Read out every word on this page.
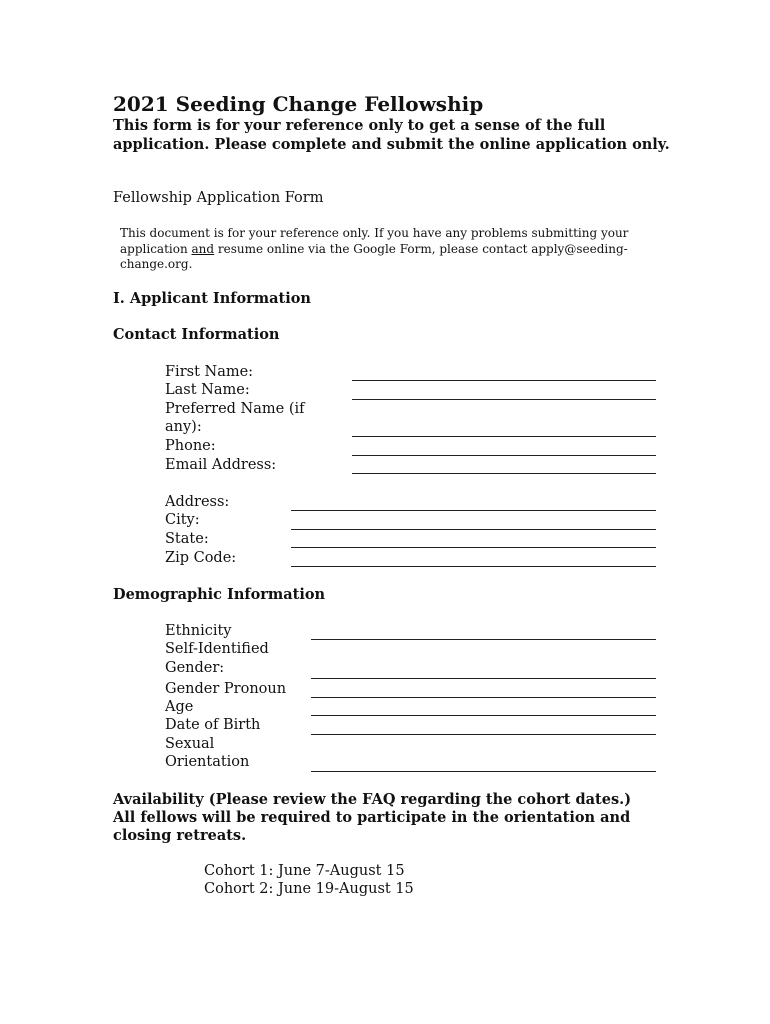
2021 Seeding Change Fellowship
This form is for your reference only to get a sense of the full application. Please complete and submit the online application only.
Fellowship Application Form
This document is for your reference only. If you have any problems submitting your application and resume online via the Google Form, please contact apply@seeding-change.org.
I. Applicant Information
Contact Information
First Name:
Last Name:
Preferred Name (if
any):
Phone:
Email Address:
Address:
City:
State:
Zip Code:
Demographic Information
Ethnicity
Self-Identified
Gender:
Gender Pronoun
Age
Date of Birth
Sexual
Orientation
Availability (Please review the FAQ regarding the cohort dates.)
All fellows will be required to participate in the orientation and
closing retreats.
Cohort 1: June 7-August 15
Cohort 2: June 19-August 15
